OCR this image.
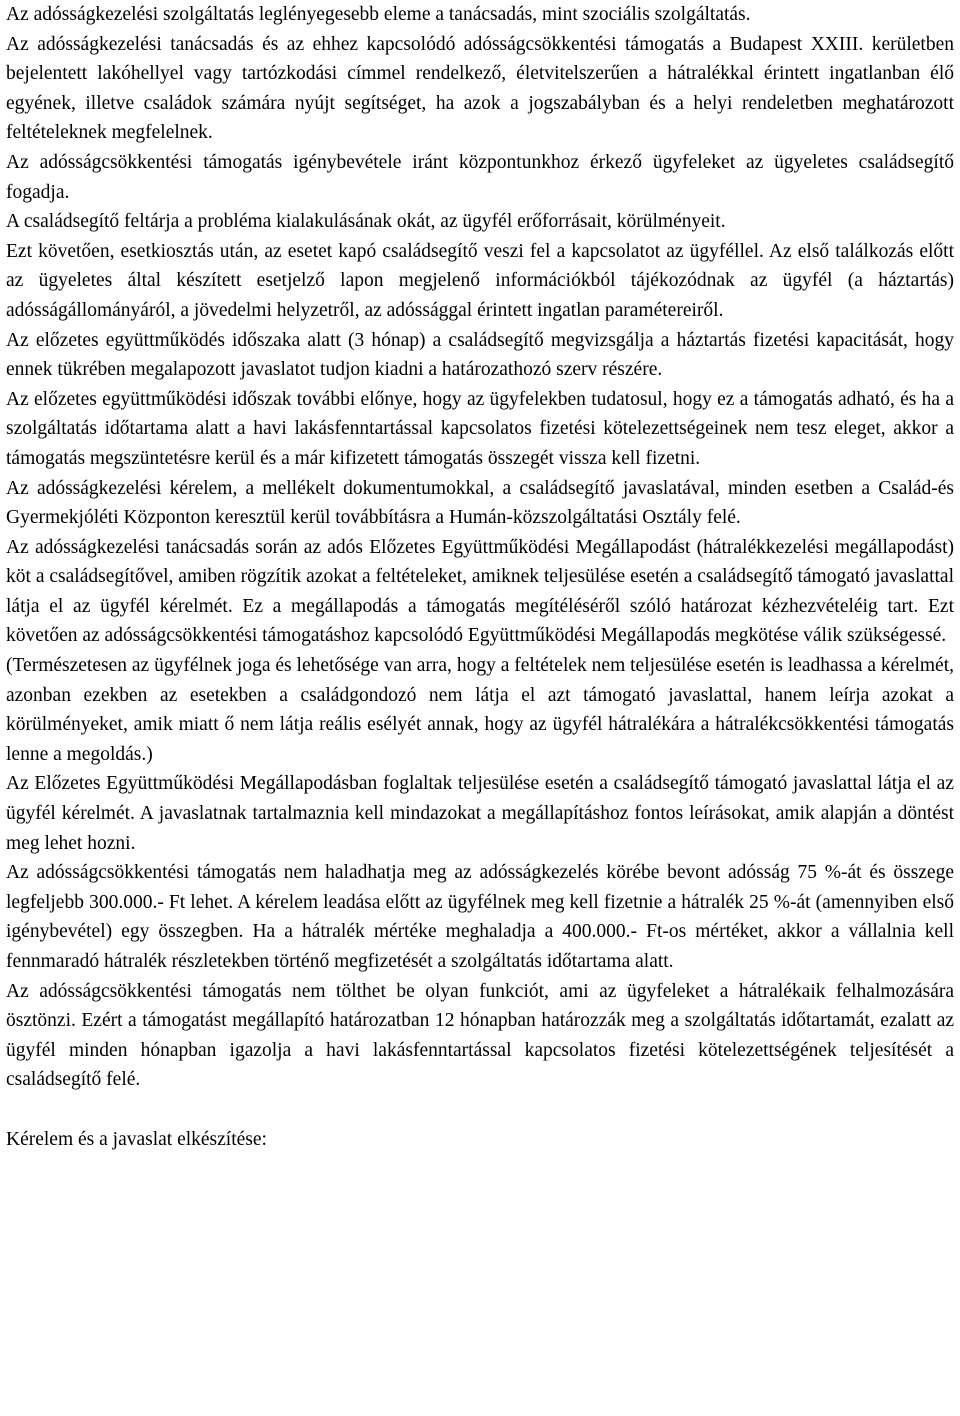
Az adósságkezelési szolgáltatás leglényegesebb eleme a tanácsadás, mint szociális szolgáltatás.

Az adósságkezelési tanácsadás és az ehhez kapcsolódó adósságcsökkentési támogatás a Budapest XXIII. kerületben bejelentett lakóhellyel vagy tartózkodási címmel rendelkező, életvitelszerűen a hátralékkal érintett ingatlanban élő egyének, illetve családok számára nyújt segítséget, ha azok a jogszabályban és a helyi rendeletben meghatározott feltételeknek megfelelnek.

Az adósságcsökkentési támogatás igénybevétele iránt központunkhoz érkező ügyfeleket az ügyeletes családsegítő fogadja.

A családsegítő feltárja a probléma kialakulásának okát, az ügyfél erőforrásait, körülményeit.

Ezt követően, esetkiosztás után, az esetet kapó családsegítő veszi fel a kapcsolatot az ügyféllel. Az első találkozás előtt az ügyeletes által készített esetjelző lapon megjelenő információkból tájékozódnak az ügyfél (a háztartás) adósságállományáról, a jövedelmi helyzetről, az adóssággal érintett ingatlan paramétereiről.

Az előzetes együttműködés időszaka alatt (3 hónap) a családsegítő megvizsgálja a háztartás fizetési kapacitását, hogy ennek tükrében megalapozott javaslatot tudjon kiadni a határozathozó szerv részére.

Az előzetes együttműködési időszak további előnye, hogy az ügyfelekben tudatosul, hogy ez a támogatás adható, és ha a szolgáltatás időtartama alatt a havi lakásfenntartással kapcsolatos fizetési kötelezettségeinek nem tesz eleget, akkor a támogatás megszüntetésre kerül és a már kifizetett támogatás összegét vissza kell fizetni.

Az adósságkezelési kérelem, a mellékelt dokumentumokkal, a családsegítő javaslatával, minden esetben a Család-és Gyermekjóléti Központon keresztül kerül továbbításra a Humán-közszolgáltatási Osztály felé.

Az adósságkezelési tanácsadás során az adós Előzetes Együttműködési Megállapodást (hátralékkezelési megállapodást) köt a családsegítővel, amiben rögzítik azokat a feltételeket, amiknek teljesülése esetén a családsegítő támogató javaslattal látja el az ügyfél kérelmét. Ez a megállapodás a támogatás megítéléséről szóló határozat kézhezvételéig tart. Ezt követően az adósságcsökkentési támogatáshoz kapcsolódó Együttműködési Megállapodás megkötése válik szükségessé.

(Természetesen az ügyfélnek joga és lehetősége van arra, hogy a feltételek nem teljesülése esetén is leadhassa a kérelmét, azonban ezekben az esetekben a családgondozó nem látja el azt támogató javaslattal, hanem leírja azokat a körülményeket, amik miatt ő nem látja reális esélyét annak, hogy az ügyfél hátralékára a hátralékcsökkentési támogatás lenne a megoldás.)

Az Előzetes Együttműködési Megállapodásban foglaltak teljesülése esetén a családsegítő támogató javaslattal látja el az ügyfél kérelmét. A javaslatnak tartalmaznia kell mindazokat a megállapításhoz fontos leírásokat, amik alapján a döntést meg lehet hozni.

Az adósságcsökkentési támogatás nem haladhatja meg az adósságkezelés körébe bevont adósság 75 %-át és összege legfeljebb 300.000.- Ft lehet. A kérelem leadása előtt az ügyfélnek meg kell fizetnie a hátralék 25 %-át (amennyiben első igénybevétel) egy összegben. Ha a hátralék mértéke meghaladja a 400.000.- Ft-os mértéket, akkor a vállalnia kell fennmaradó hátralék részletekben történő megfizetését a szolgáltatás időtartama alatt.

Az adósságcsökkentési támogatás nem tölthet be olyan funkciót, ami az ügyfeleket a hátralékaik felhalmozására ösztönzi. Ezért a támogatást megállapító határozatban 12 hónapban határozzák meg a szolgáltatás időtartamát, ezalatt az ügyfél minden hónapban igazolja a havi lakásfenntartással kapcsolatos fizetési kötelezettségének teljesítését a családsegítő felé.

Kérelem és a javaslat elkészítése:
